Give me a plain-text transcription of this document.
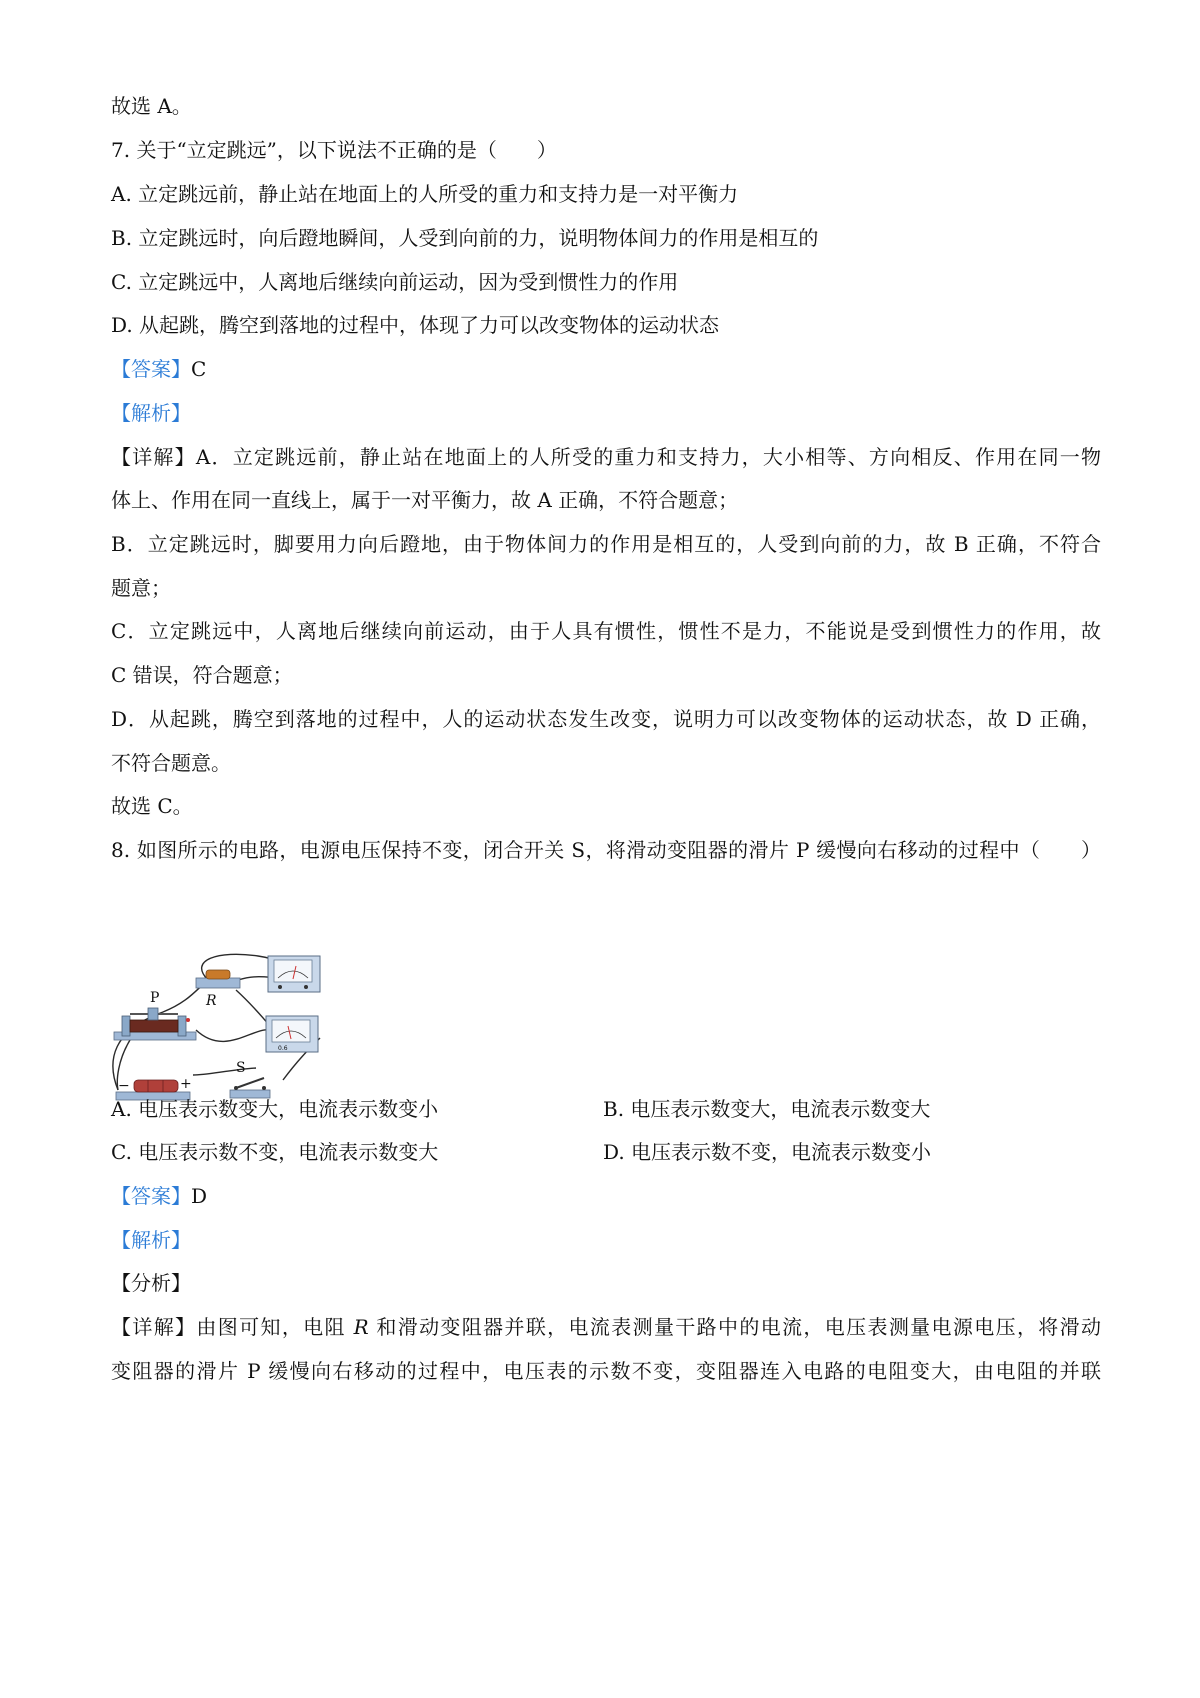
故选 A。
7. 关于“立定跳远”，以下说法不正确的是（　　）
A. 立定跳远前，静止站在地面上的人所受的重力和支持力是一对平衡力
B. 立定跳远时，向后蹬地瞬间，人受到向前的力，说明物体间力的作用是相互的
C. 立定跳远中，人离地后继续向前运动，因为受到惯性力的作用
D. 从起跳，腾空到落地的过程中，体现了力可以改变物体的运动状态
【答案】C
【解析】
【详解】A．立定跳远前，静止站在地面上的人所受的重力和支持力，大小相等、方向相反、作用在同一物
体上、作用在同一直线上，属于一对平衡力，故 A 正确，不符合题意；
B．立定跳远时，脚要用力向后蹬地，由于物体间力的作用是相互的，人受到向前的力，故 B 正确，不符合
题意；
C．立定跳远中，人离地后继续向前运动，由于人具有惯性，惯性不是力，不能说是受到惯性力的作用，故
C 错误，符合题意；
D．从起跳，腾空到落地的过程中，人的运动状态发生改变，说明力可以改变物体的运动状态，故 D 正确，
不符合题意。
故选 C。
8. 如图所示的电路，电源电压保持不变，闭合开关 S，将滑动变阻器的滑片 P 缓慢向右移动的过程中（　　）
R
0.6
P
−	+
S
A. 电压表示数变大，电流表示数变小	B. 电压表示数变大，电流表示数变大
C. 电压表示数不变，电流表示数变大	D. 电压表示数不变，电流表示数变小
【答案】D
【解析】
【分析】
【详解】由图可知，电阻 R 和滑动变阻器并联，电流表测量干路中的电流，电压表测量电源电压，将滑动
变阻器的滑片 P 缓慢向右移动的过程中，电压表的示数不变，变阻器连入电路的电阻变大，由电阻的并联
